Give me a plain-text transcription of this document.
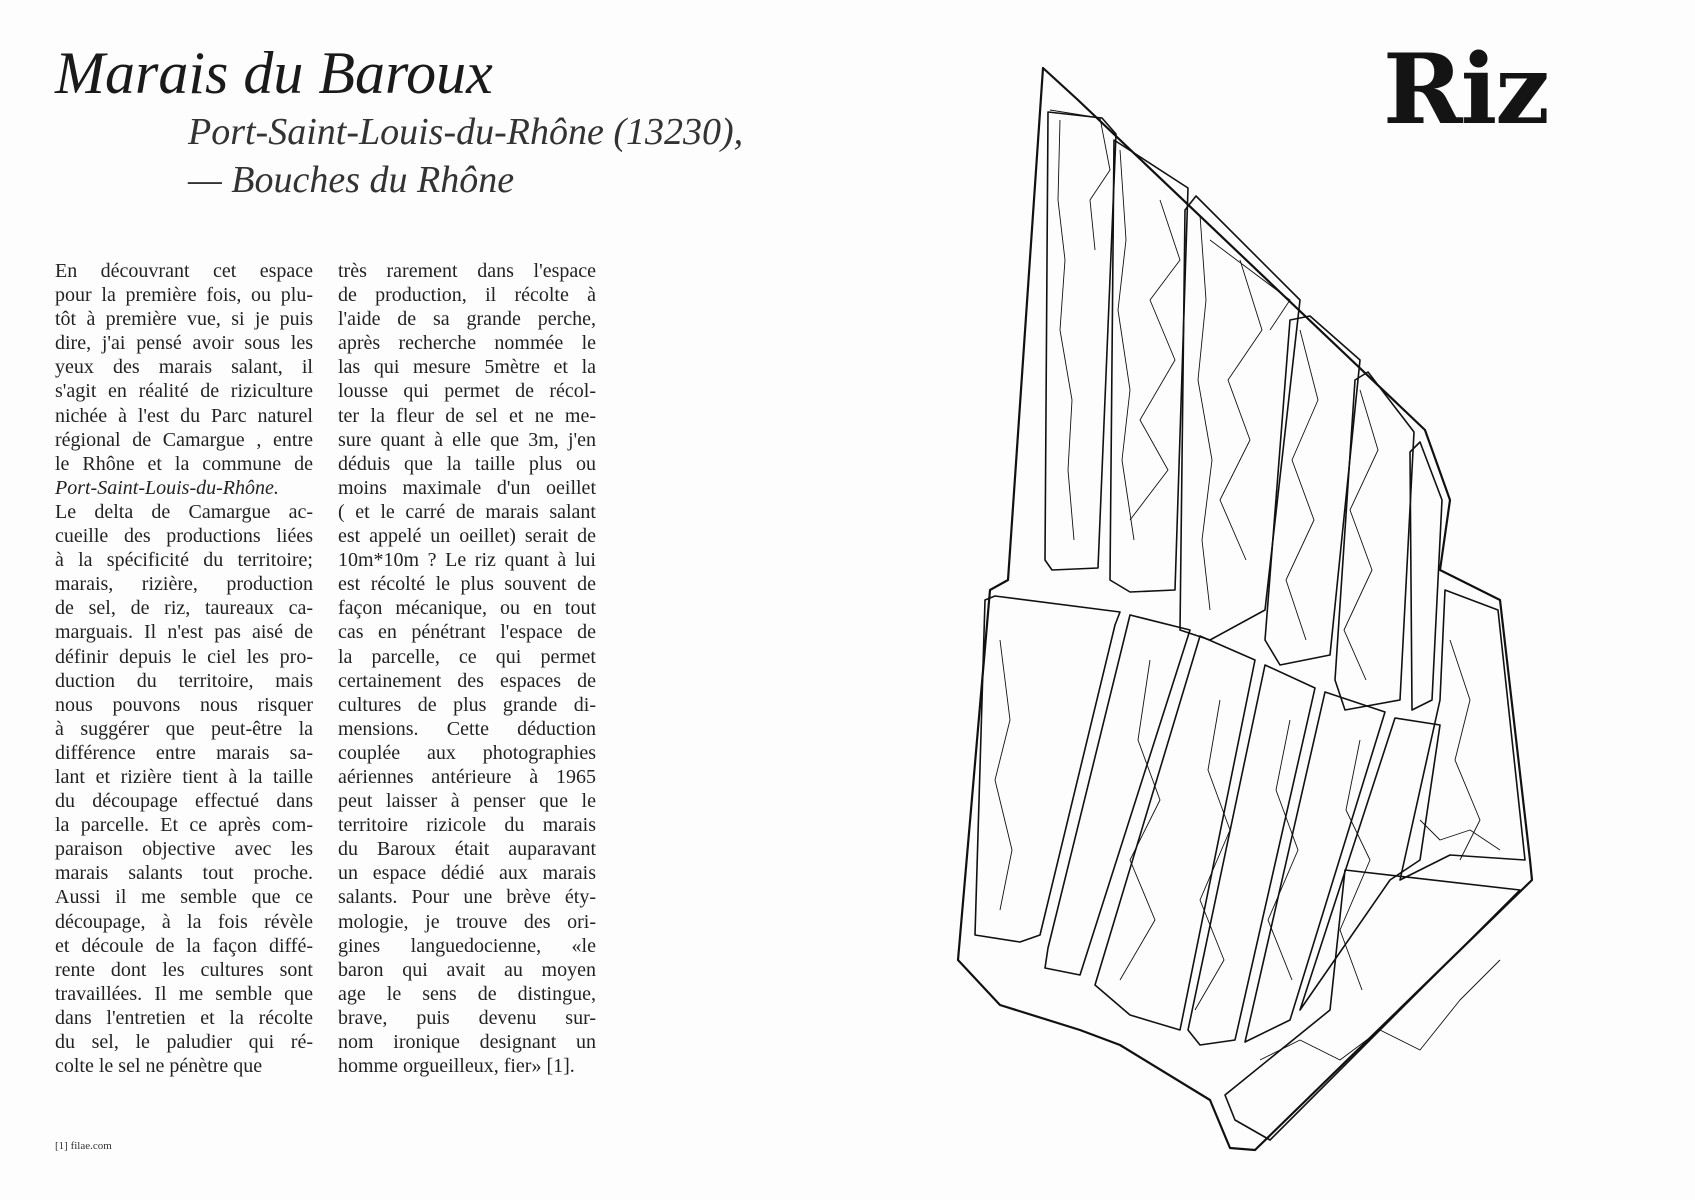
Marais du Baroux
Port-Saint-Louis-du-Rhône (13230),
— Bouches du Rhône
En découvrant cet espace
pour la première fois, ou plu-
tôt à première vue, si je puis
dire, j'ai pensé avoir sous les
yeux des marais salant, il
s'agit en réalité de riziculture
nichée à l'est du Parc naturel
régional de Camargue , entre
le Rhône et la commune de
Port-Saint-Louis-du-Rhône.
Le delta de Camargue ac-
cueille des productions liées
à la spécificité du territoire;
marais, rizière, production
de sel, de riz, taureaux ca-
marguais. Il n'est pas aisé de
définir depuis le ciel les pro-
duction du territoire, mais
nous pouvons nous risquer
à suggérer que peut-être la
différence entre marais sa-
lant et rizière tient à la taille
du découpage effectué dans
la parcelle. Et ce après com-
paraison objective avec les
marais salants tout proche.
Aussi il me semble que ce
découpage, à la fois révèle
et découle de la façon diffé-
rente dont les cultures sont
travaillées. Il me semble que
dans l'entretien et la récolte
du sel, le paludier qui ré-
colte le sel ne pénètre que
très rarement dans l'espace
de production, il récolte à
l'aide de sa grande perche,
après recherche nommée le
las qui mesure 5mètre et la
lousse qui permet de récol-
ter la fleur de sel et ne me-
sure quant à elle que 3m, j'en
déduis que la taille plus ou
moins maximale d'un oeillet
( et le carré de marais salant
est appelé un oeillet) serait de
10m*10m ? Le riz quant à lui
est récolté le plus souvent de
façon mécanique, ou en tout
cas en pénétrant l'espace de
la parcelle, ce qui permet
certainement des espaces de
cultures de plus grande di-
mensions. Cette déduction
couplée aux photographies
aériennes antérieure à 1965
peut laisser à penser que le
territoire rizicole du marais
du Baroux était auparavant
un espace dédié aux marais
salants. Pour une brève éty-
mologie, je trouve des ori-
gines languedocienne, «le
baron qui avait au moyen
age le sens de distingue,
brave, puis devenu sur-
nom ironique designant un
homme orgueilleux, fier» [1].
[1] filae.com
Riz
